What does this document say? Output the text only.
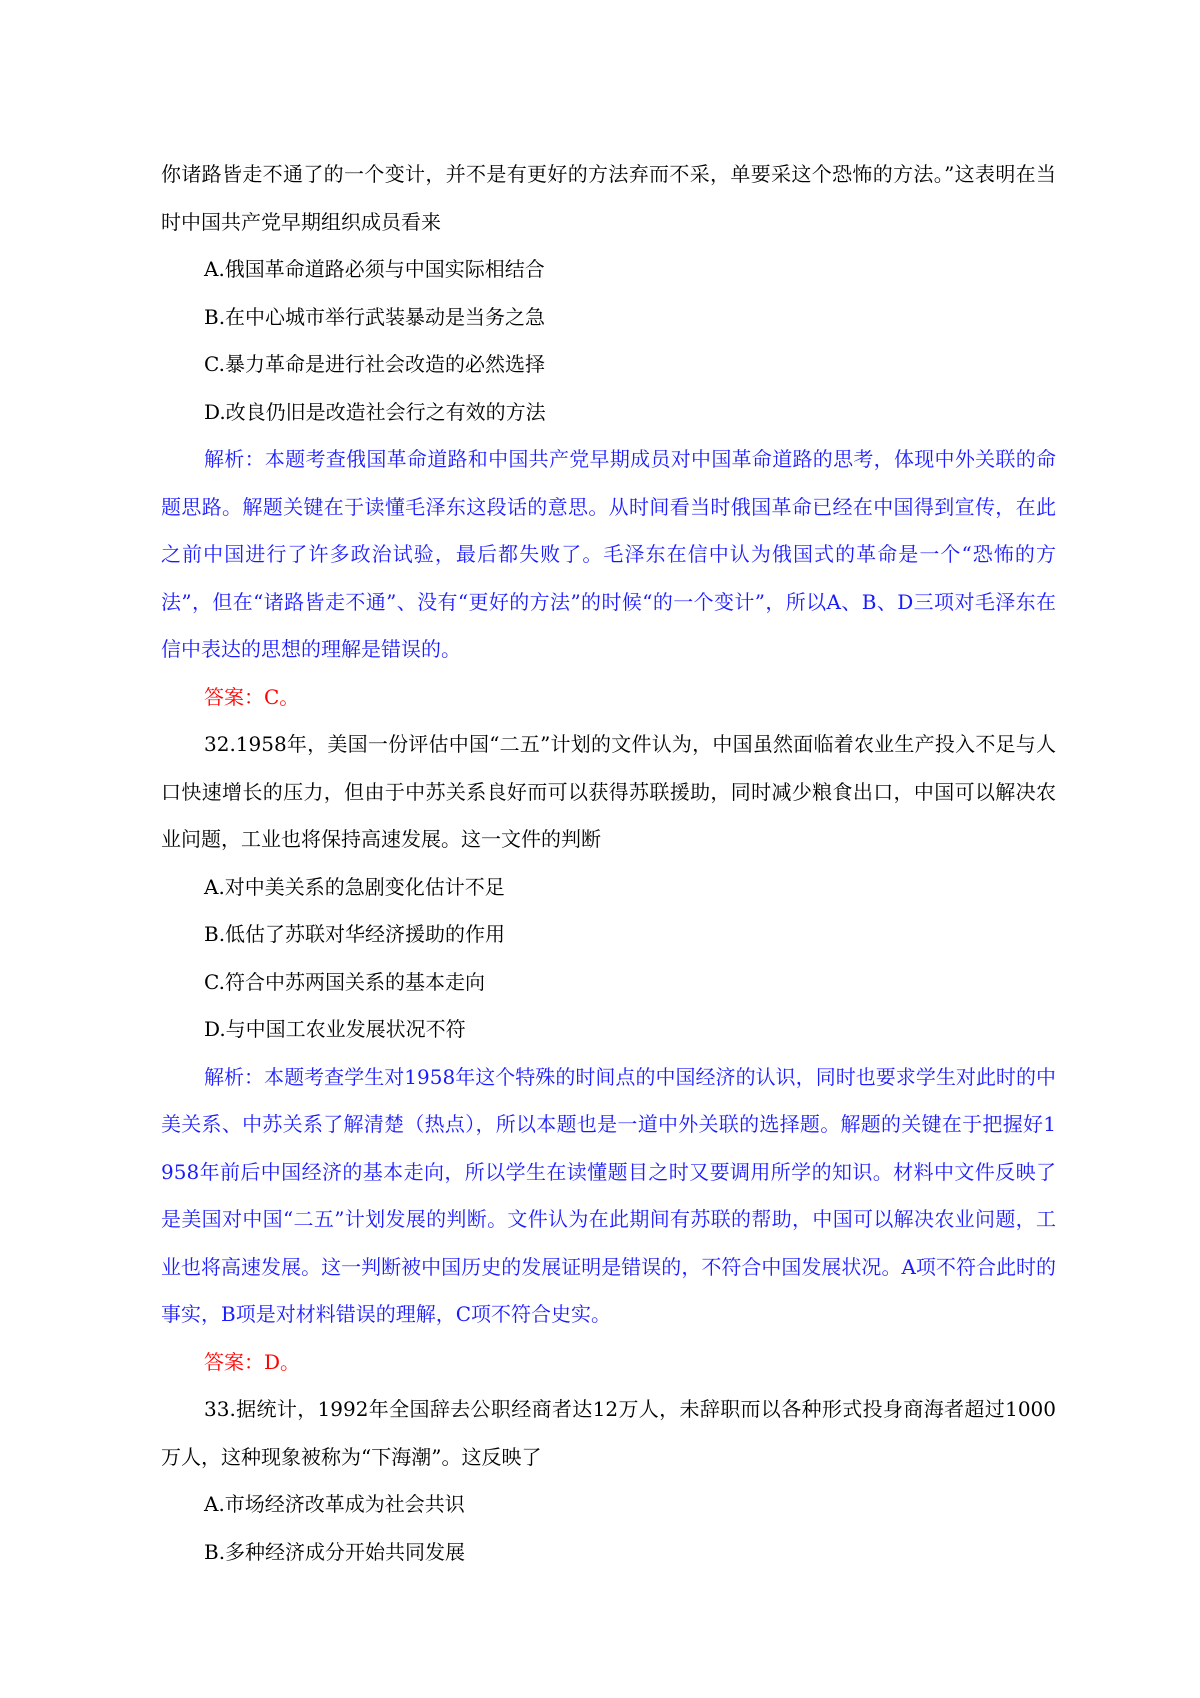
你诸路皆走不通了的一个变计，并不是有更好的方法弃而不采，单要采这个恐怖的方法。”这表明在当时中国共产党早期组织成员看来

A.俄国革命道路必须与中国实际相结合

B.在中心城市举行武装暴动是当务之急

C.暴力革命是进行社会改造的必然选择

D.改良仍旧是改造社会行之有效的方法

解析：本题考查俄国革命道路和中国共产党早期成员对中国革命道路的思考，体现中外关联的命题思路。解题关键在于读懂毛泽东这段话的意思。从时间看当时俄国革命已经在中国得到宣传，在此之前中国进行了许多政治试验，最后都失败了。毛泽东在信中认为俄国式的革命是一个“恐怖的方法”，但在“诸路皆走不通”、没有“更好的方法”的时候“的一个变计”，所以A、B、D三项对毛泽东在信中表达的思想的理解是错误的。

答案：C。

32.1958年，美国一份评估中国“二五”计划的文件认为，中国虽然面临着农业生产投入不足与人口快速增长的压力，但由于中苏关系良好而可以获得苏联援助，同时减少粮食出口，中国可以解决农业问题，工业也将保持高速发展。这一文件的判断

A.对中美关系的急剧变化估计不足

B.低估了苏联对华经济援助的作用

C.符合中苏两国关系的基本走向

D.与中国工农业发展状况不符

解析：本题考查学生对1958年这个特殊的时间点的中国经济的认识，同时也要求学生对此时的中美关系、中苏关系了解清楚（热点），所以本题也是一道中外关联的选择题。解题的关键在于把握好1958年前后中国经济的基本走向，所以学生在读懂题目之时又要调用所学的知识。材料中文件反映了是美国对中国“二五”计划发展的判断。文件认为在此期间有苏联的帮助，中国可以解决农业问题，工业也将高速发展。这一判断被中国历史的发展证明是错误的，不符合中国发展状况。A项不符合此时的事实，B项是对材料错误的理解，C项不符合史实。

答案：D。

33.据统计，1992年全国辞去公职经商者达12万人，未辞职而以各种形式投身商海者超过1000万人，这种现象被称为“下海潮”。这反映了

A.市场经济改革成为社会共识

B.多种经济成分开始共同发展
